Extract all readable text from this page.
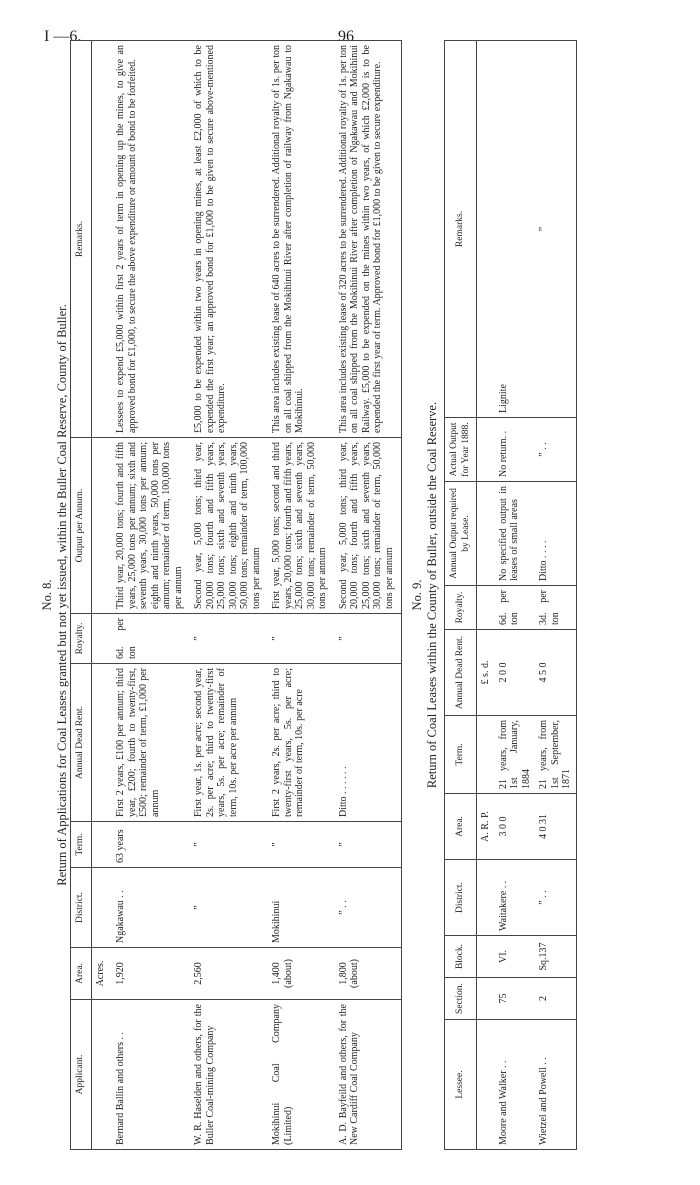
I —6.	96

No. 8. Return of Applications for Coal Leases granted but not yet issued, within the Buller Coal Reserve, County of Buller.

Applicant.	Area.	District.	Term.	Annual Dead Rent.	Royalty.	Output per Annum.	Remarks.
	Acres.						
Bernard Ballin and others . .	1,920	Ngakawau . .	63 years	First 2 years, £100 per annum; third year, £200; fourth to twenty-first, £500; remainder of term, £1,000 per annum	6d. per ton	Third year, 20,000 tons; fourth and fifth years, 25,000 tons per annum; sixth and seventh years, 30,000 tons per annum; eighth and ninth years, 50,000 tons per annum; remainder of term, 100,000 tons per annum	Lessees to expend £5,000 within first 2 years of term in opening up the mines, to give an approved bond for £1,000, to secure the above expenditure or amount of bond to be forfeited.
W. R. Haselden and others, for the Buller Coal-mining Company	2,560	”	”	First year, 1s. per acre; second year, 2s. per acre; third to twenty-first years, 5s. per acre; remainder of term, 10s. per acre per annum	”	Second year, 5,000 tons; third year, 20,000 tons; fourth and fifth years, 25,000 tons; sixth and seventh years, 30,000 tons; eighth and ninth years, 50,000 tons; remainder of term, 100,000 tons per annum	£5,000 to be expended within two years in opening mines, at least £2,000 of which to be expended the first year; an approved bond for £1,000 to be given to secure above-mentioned expenditure.
Mokihinui Coal Company (Limited)	1,400 (about)	Mokihinui	”	First 2 years, 2s. per acre; third to twenty-first years, 5s. per acre; remainder of term, 10s. per acre	”	First year, 5,000 tons; second and third years, 20,000 tons; fourth and fifth years, 25,000 tons; sixth and seventh years, 30,000 tons; remainder of term, 50,000 tons per annum	This area includes existing lease of 640 acres to be surrendered. Additional royalty of 1s. per ton on all coal shipped from the Mokihinui River after completion of railway from Ngakawau to Mokihinui.
A. D. Bayfeild and others, for the New Cardiff Coal Company	1,800 (about)	” . .	”	Ditto . . . . . .	”	Second year, 5,000 tons; third year, 20,000 tons; fourth and fifth years, 25,000 tons; sixth and seventh years, 30,000 tons; remainder of term, 50,000 tons per annum	This area includes existing lease of 320 acres to be surrendered. Additional royalty of 1s. per ton on all coal shipped from the Mokihinui River after completion of Ngakawau and Mokihinui Railway. £5,000 to be expended on the mines within two years, of which £2,000 is to be expended the first year of term. Approved bond for £1,000 to be given to secure expenditure.

No. 9. Return of Coal Leases within the County of Buller, outside the Coal Reserve.

Lessee.	Section.	Block.	District.	Area.	Term.	Annual Dead Rent.	Royalty.	Annual Output required by Lease.	Actual Output for Year 1888.	Remarks.
				A. R. P.		£ s. d.				
Moore and Walker . .	75	VI.	Waitakere . .	3 0 0	21 years, from 1st January, 1884	2 0 0	6d. per ton	No specified output in leases of small areas	No return. .	Lignite
Wietzel and Powell . .	2	Sq.137	” . .	4 0 31	21 years, from 1st September, 1871	4 5 0	3d. per ton	Ditto . . . .	” . .	”
